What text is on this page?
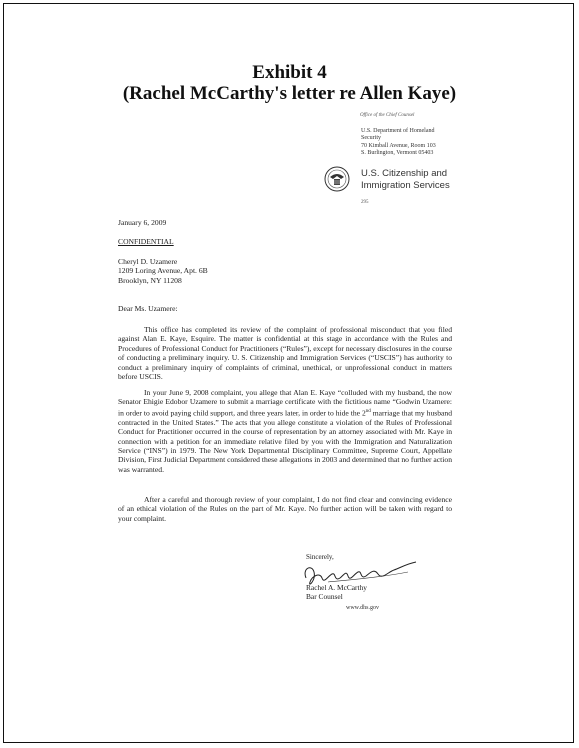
Exhibit 4
(Rachel McCarthy's letter re Allen Kaye)
Office of the Chief Counsel
U.S. Department of Homeland
Security
70 Kimball Avenue, Room 103
S. Burlington, Vermont 05403
U.S. Citizenship and
Immigration Services
295
January 6, 2009
CONFIDENTIAL
Cheryl D. Uzamere
1209 Loring Avenue, Apt. 6B
Brooklyn, NY 11208
Dear Ms. Uzamere:
This office has completed its review of the complaint of professional misconduct that you filed against Alan E. Kaye, Esquire. The matter is confidential at this stage in accordance with the Rules and Procedures of Professional Conduct for Practitioners (“Rules”), except for necessary disclosures in the course of conducting a preliminary inquiry. U. S. Citizenship and Immigration Services (“USCIS”) has authority to conduct a preliminary inquiry of complaints of criminal, unethical, or unprofessional conduct in matters before USCIS.
In your June 9, 2008 complaint, you allege that Alan E. Kaye “colluded with my husband, the now Senator Ehigie Edobor Uzamere to submit a marriage certificate with the fictitious name “Godwin Uzamere: in order to avoid paying child support, and three years later, in order to hide the 2nd marriage that my husband contracted in the United States.” The acts that you allege constitute a violation of the Rules of Professional Conduct for Practitioner occurred in the course of representation by an attorney associated with Mr. Kaye in connection with a petition for an immediate relative filed by you with the Immigration and Naturalization Service (“INS”) in 1979. The New York Departmental Disciplinary Committee, Supreme Court, Appellate Division, First Judicial Department considered these allegations in 2003 and determined that no further action was warranted.
After a careful and thorough review of your complaint, I do not find clear and convincing evidence of an ethical violation of the Rules on the part of Mr. Kaye. No further action will be taken with regard to your complaint.
Sincerely,
Rachel A. McCarthy
Bar Counsel
www.dhs.gov
